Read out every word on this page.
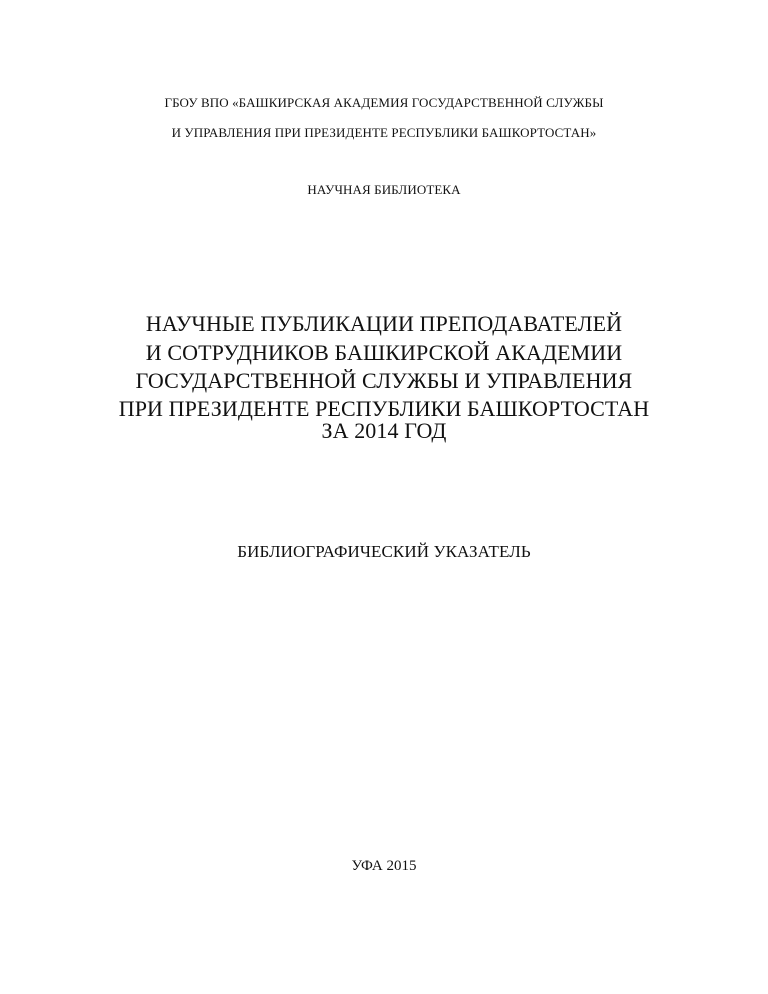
ГБОУ ВПО «БАШКИРСКАЯ АКАДЕМИЯ ГОСУДАРСТВЕННОЙ СЛУЖБЫ
И УПРАВЛЕНИЯ ПРИ ПРЕЗИДЕНТЕ РЕСПУБЛИКИ БАШКОРТОСТАН»
НАУЧНАЯ БИБЛИОТЕКА
НАУЧНЫЕ ПУБЛИКАЦИИ ПРЕПОДАВАТЕЛЕЙ
И СОТРУДНИКОВ БАШКИРСКОЙ АКАДЕМИИ
ГОСУДАРСТВЕННОЙ СЛУЖБЫ И УПРАВЛЕНИЯ
ПРИ ПРЕЗИДЕНТЕ РЕСПУБЛИКИ БАШКОРТОСТАН
ЗА 2014 ГОД
БИБЛИОГРАФИЧЕСКИЙ УКАЗАТЕЛЬ
УФА 2015
